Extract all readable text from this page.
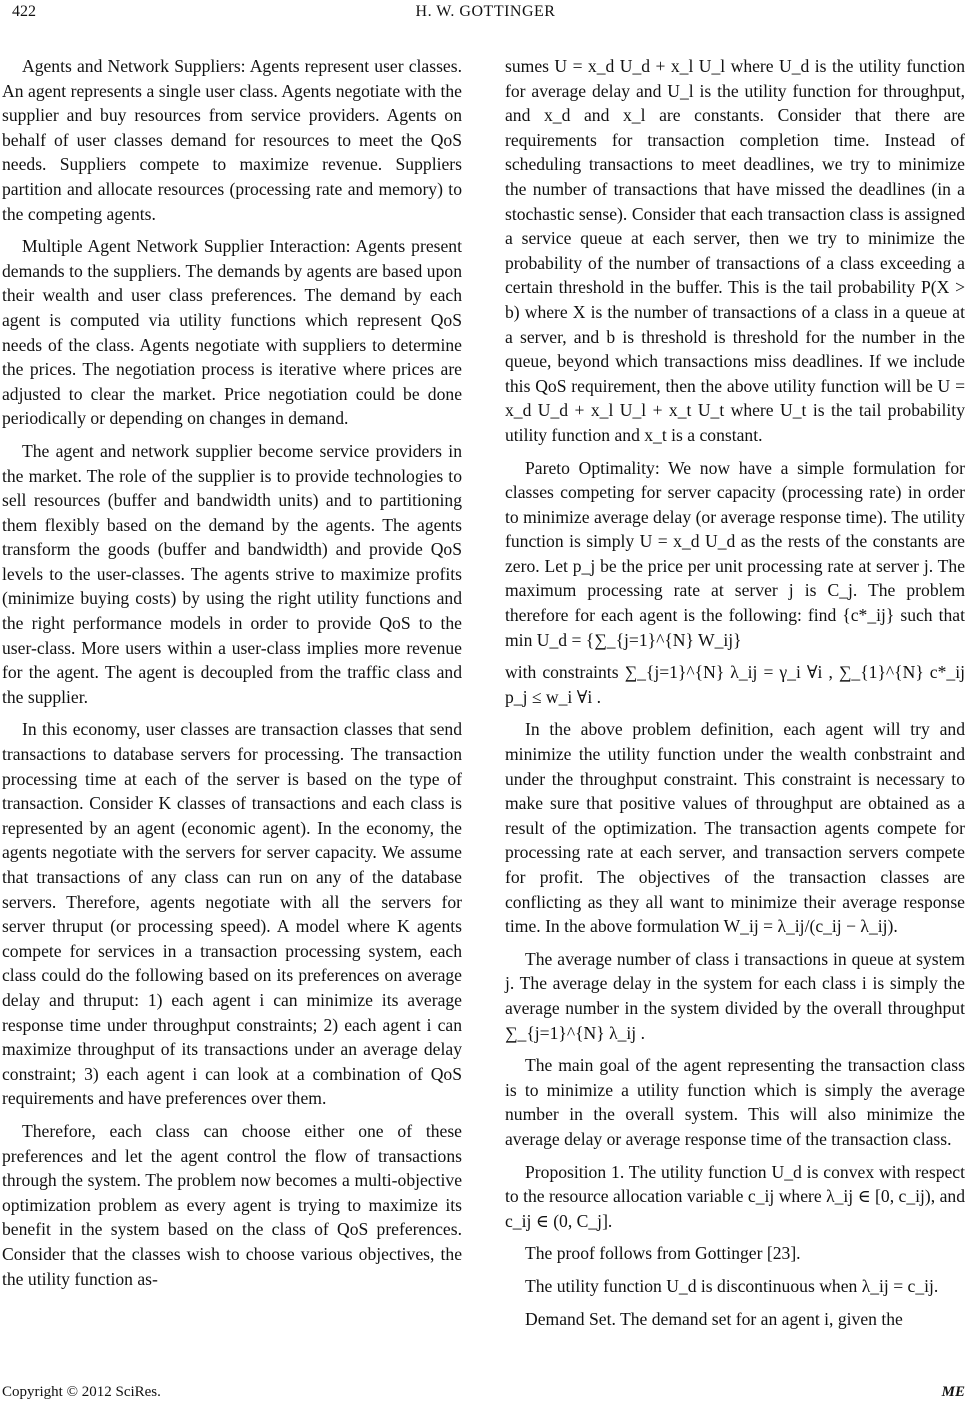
422	H. W. GOTTINGER

Agents and Network Suppliers: Agents represent user classes. An agent represents a single user class. Agents negotiate with the supplier and buy resources from service providers. Agents on behalf of user classes demand for resources to meet the QoS needs. Suppliers compete to maximize revenue. Suppliers partition and allocate resources (processing rate and memory) to the competing agents.

Multiple Agent Network Supplier Interaction: Agents present demands to the suppliers. The demands by agents are based upon their wealth and user class preferences. The demand by each agent is computed via utility functions which represent QoS needs of the class. Agents negotiate with suppliers to determine the prices. The negotiation process is iterative where prices are adjusted to clear the market. Price negotiation could be done periodically or depending on changes in demand.

The agent and network supplier become service providers in the market. The role of the supplier is to provide technologies to sell resources (buffer and bandwidth units) and to partitioning them flexibly based on the demand by the agents. The agents transform the goods (buffer and bandwidth) and provide QoS levels to the user-classes. The agents strive to maximize profits (minimize buying costs) by using the right utility functions and the right performance models in order to provide QoS to the user-class. More users within a user-class implies more revenue for the agent. The agent is decoupled from the traffic class and the supplier.

In this economy, user classes are transaction classes that send transactions to database servers for processing. The transaction processing time at each of the server is based on the type of transaction. Consider K classes of transactions and each class is represented by an agent (economic agent). In the economy, the agents negotiate with the servers for server capacity. We assume that transactions of any class can run on any of the database servers. Therefore, agents negotiate with all the servers for server thruput (or processing speed). A model where K agents compete for services in a transaction processing system, each class could do the following based on its preferences on average delay and thruput: 1) each agent i can minimize its average response time under throughput constraints; 2) each agent i can maximize throughput of its transactions under an average delay constraint; 3) each agent i can look at a combination of QoS requirements and have preferences over them.

Therefore, each class can choose either one of these preferences and let the agent control the flow of transactions through the system. The problem now becomes a multi-objective optimization problem as every agent is trying to maximize its benefit in the system based on the class of QoS preferences. Consider that the classes wish to choose various objectives, the the utility function as-

sumes U = x_d U_d + x_l U_l where U_d is the utility function for average delay and U_l is the utility function for throughput, and x_d and x_l are constants. Consider that there are requirements for transaction completion time. Instead of scheduling transactions to meet deadlines, we try to minimize the number of transactions that have missed the deadlines (in a stochastic sense). Consider that each transaction class is assigned a service queue at each server, then we try to minimize the probability of the number of transactions of a class exceeding a certain threshold in the buffer. This is the tail probability P(X > b) where X is the number of transactions of a class in a queue at a server, and b is threshold is threshold for the number in the queue, beyond which transactions miss deadlines. If we include this QoS requirement, then the above utility function will be U = x_d U_d + x_l U_l + x_t U_t where U_t is the tail probability utility function and x_t is a constant.

Pareto Optimality: We now have a simple formulation for classes competing for server capacity (processing rate) in order to minimize average delay (or average response time). The utility function is simply U = x_d U_d as the rests of the constants are zero. Let p_j be the price per unit processing rate at server j. The maximum processing rate at server j is C_j. The problem therefore for each agent is the following: find {c*_ij} such that min U_d = {∑_{j=1}^{N} W_ij}

with constraints ∑_{j=1}^{N} λ_ij = γ_i ∀i , ∑_{1}^{N} c*_ij p_j ≤ w_i ∀i .

In the above problem definition, each agent will try and minimize the utility function under the wealth conbstraint and under the throughput constraint. This constraint is necessary to make sure that positive values of throughput are obtained as a result of the optimization. The transaction agents compete for processing rate at each server, and transaction servers compete for profit. The objectives of the transaction classes are conflicting as they all want to minimize their average response time. In the above formulation W_ij = λ_ij/(c_ij − λ_ij).

The average number of class i transactions in queue at system j. The average delay in the system for each class i is simply the average number in the system divided by the overall throughput ∑_{j=1}^{N} λ_ij .

The main goal of the agent representing the transaction class is to minimize a utility function which is simply the average number in the overall system. This will also minimize the average delay or average response time of the transaction class.

Proposition 1. The utility function U_d is convex with respect to the resource allocation variable c_ij where λ_ij ∈ [0, c_ij), and c_ij ∈ (0, C_j].

The proof follows from Gottinger [23].

The utility function U_d is discontinuous when λ_ij = c_ij.

Demand Set. The demand set for an agent i, given the

Copyright © 2012 SciRes.	ME
